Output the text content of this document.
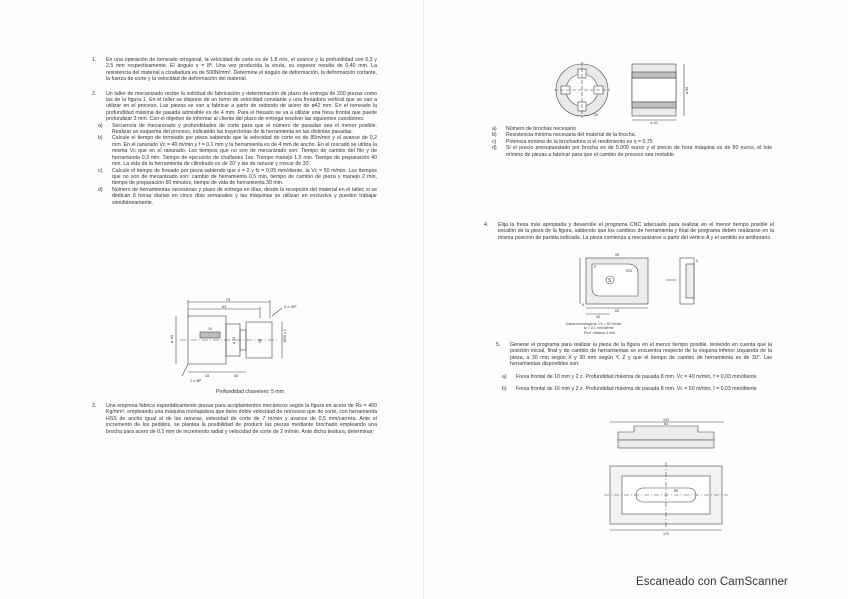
1. En una operación de torneado ortogonal, la velocidad de corte es de 1.8 m/s, el avance y la profundidad son 0,3 y 2,5 mm respectivamente. El ángulo γ = 8º. Una vez producida la viruta, su espesor resulta de 0,40 mm. La resistencia del material a cizalladura es de 500N/mm². Determine el ángulo de deformación, la deformación cortante, la fuerza de corte y la velocidad de deformación del material.
2. Un taller de mecanizado recibe la solicitud de fabricación y determinación de plazo de entrega de 200 piezas como las de la figura 1. En el taller se dispone de un torno de velocidad constante y una fresadora vertical que se van a utilizar en el proceso. Las piezas se van a fabricar a partir de redondo de acero de ø42 mm. En el torneado la profundidad máxima de pasada admisible es de 4 mm. Para el fresado se va a utilizar una fresa frontal que puede profundizar 3 mm. Con el objetivo de informar al cliente del plazo de entrega resolver las siguientes cuestiones:
a) Secuencia de mecanizado y profundidades de corte para que el número de pasadas sea el menor posible. Realizar un esquema del proceso, indicando las trayectorias de la herramienta en las distintas pasadas.
b) Calcule el tiempo de torneado por pieza sabiendo que la velocidad de corte es de 85m/min y el avance de 0,2 mm. En el ranurado Vc = 40 m/min y f = 0,1 mm y la herramienta es de 4 mm de ancho. En el roscado se utiliza la misma Vc que en el ranurado. Los tiempos que no son de mecanizado son: Tiempo de cambio del filo y de herramienta 0,3 min. Tiempo de ejecución de chaflanes 1ss. Tiempo manejo 1,5 min. Tiempo de preparación 40 min. La vida de la herramienta de cilindrado es de 20' y las de ranurar y roscar de 30'.
c) Calcule el tiempo de fresado por pieza sabiendo que z = 2 y fz = 0,05 mm/diente, la Vc = 50 m/min. Los tiempos que no son de mecanizado son: cambio de herramienta 0,5 min, tiempo de cambio de pieza y manejo 2 min, tiempo de preparación 60 minutos, tiempo de vida de herramienta 30 min.
d) Número de herramientas necesarias y plazo de entrega en días, desde la recepción del material en el taller, si se dedican 8 horas diarias en cinco días semanales y las máquinas se utilizan en exclusiva y pueden trabajar simultáneamente.
75
63	3 x 45º
M30 x 2
ø 40	ø 32	30
15	20
2 x 45º
10
Profundidad chavetero: 5 mm
3. Una empresa fabrica esporádicamente piezas para acoplamientos mecánicos según la figura en acero de Rs = 400 Kg/mm², empleando una máquina mortajadora que tiene doble velocidad de retroceso que de corte, con herramienta HSS de ancho igual al de las ranuras, velocidad de corte de 7 m/min y avance de 0,5 mm/carrera. Ante el incremento de los pedidos, se plantea la posibilidad de producir las piezas mediante brochado empleando una brocha para acero de 0,1 mm de incremento radial y velocidad de corte de 2 m/min. Ante dicha tesitura, determinar:
20
ø 60
ø 40
a) Número de brochas necesario
b) Resistencia mínima necesaria del material de la brocha.
c) Potencia mínima de la brochadora si el rendimiento es η = 0,75
d) Si el precio presupuestado por brocha es de 5.000 euros y el precio de hora máquina es de 80 euros, el lote mínimo de piezas a fabricar para que el cambio de proceso sea rentable.
4. Elija la fresa más apropiada y desarrolle el programa CNC adecuado para realizar en el menor tiempo posible el escalón de la pieza de la figura, sabiendo que los cambios de herramienta y final de programa deben realizarse en la misma posición de partida indicada. La pieza comienza a mecanizarse a partir del vértice A y el sentido es antihorario.
95
63
40
S
P
A
R25
5
Datos tecnológicos: Vc = 50 m/min
fz = 0,1 mm/diente
Prof. máxima 3 mm
5. Generar el programa para realizar la pieza de la figura en el menor tiempo posible, teniendo en cuenta que la posición inicial, final y de cambio de herramientas se encuentra respecto de la esquina inferior izquierda de la pieza, a 30 mm según X y 30 mm según Y, Z y que el tiempo de cambio de herramienta es de 30". Las herramientas disponibles son:
a) Fresa frontal de 10 mm y 2 z. Profundidad máxima de pasada 8 mm. Vc = 40 m/min, f = 0,03 mm/diente
b) Fresa frontal de 16 mm y 2 z. Profundidad máxima de pasada 8 mm. Vc = 50 m/min, f = 0,03 mm/diente
104
64
170
R6
Escaneado con CamScanner
